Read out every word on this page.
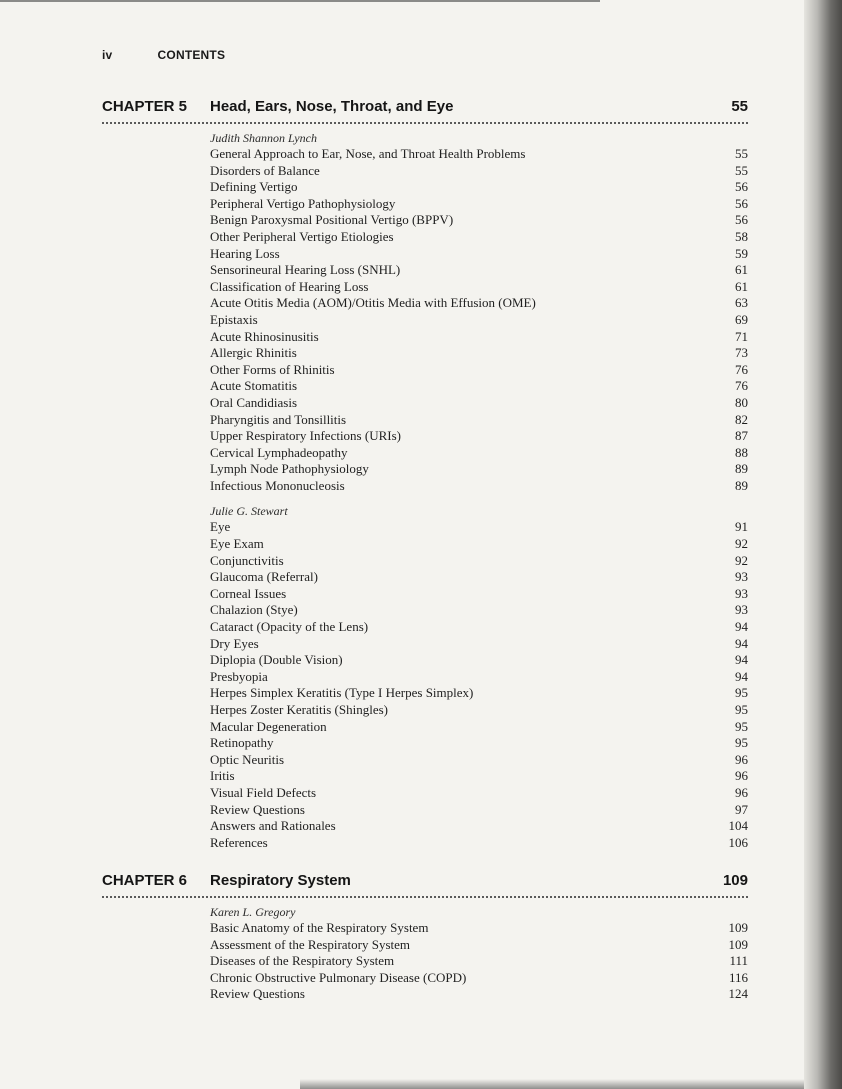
iv	CONTENTS
CHAPTER 5 Head, Ears, Nose, Throat, and Eye	55
Judith Shannon Lynch
General Approach to Ear, Nose, and Throat Health Problems	55
Disorders of Balance	55
Defining Vertigo	56
Peripheral Vertigo Pathophysiology	56
Benign Paroxysmal Positional Vertigo (BPPV)	56
Other Peripheral Vertigo Etiologies	58
Hearing Loss	59
Sensorineural Hearing Loss (SNHL)	61
Classification of Hearing Loss	61
Acute Otitis Media (AOM)/Otitis Media with Effusion (OME)	63
Epistaxis	69
Acute Rhinosinusitis	71
Allergic Rhinitis	73
Other Forms of Rhinitis	76
Acute Stomatitis	76
Oral Candidiasis	80
Pharyngitis and Tonsillitis	82
Upper Respiratory Infections (URIs)	87
Cervical Lymphadeopathy	88
Lymph Node Pathophysiology	89
Infectious Mononucleosis	89
Julie G. Stewart
Eye	91
Eye Exam	92
Conjunctivitis	92
Glaucoma (Referral)	93
Corneal Issues	93
Chalazion (Stye)	93
Cataract (Opacity of the Lens)	94
Dry Eyes	94
Diplopia (Double Vision)	94
Presbyopia	94
Herpes Simplex Keratitis (Type I Herpes Simplex)	95
Herpes Zoster Keratitis (Shingles)	95
Macular Degeneration	95
Retinopathy	95
Optic Neuritis	96
Iritis	96
Visual Field Defects	96
Review Questions	97
Answers and Rationales	104
References	106
CHAPTER 6 Respiratory System	109
Karen L. Gregory
Basic Anatomy of the Respiratory System	109
Assessment of the Respiratory System	109
Diseases of the Respiratory System	111
Chronic Obstructive Pulmonary Disease (COPD)	116
Review Questions	124
